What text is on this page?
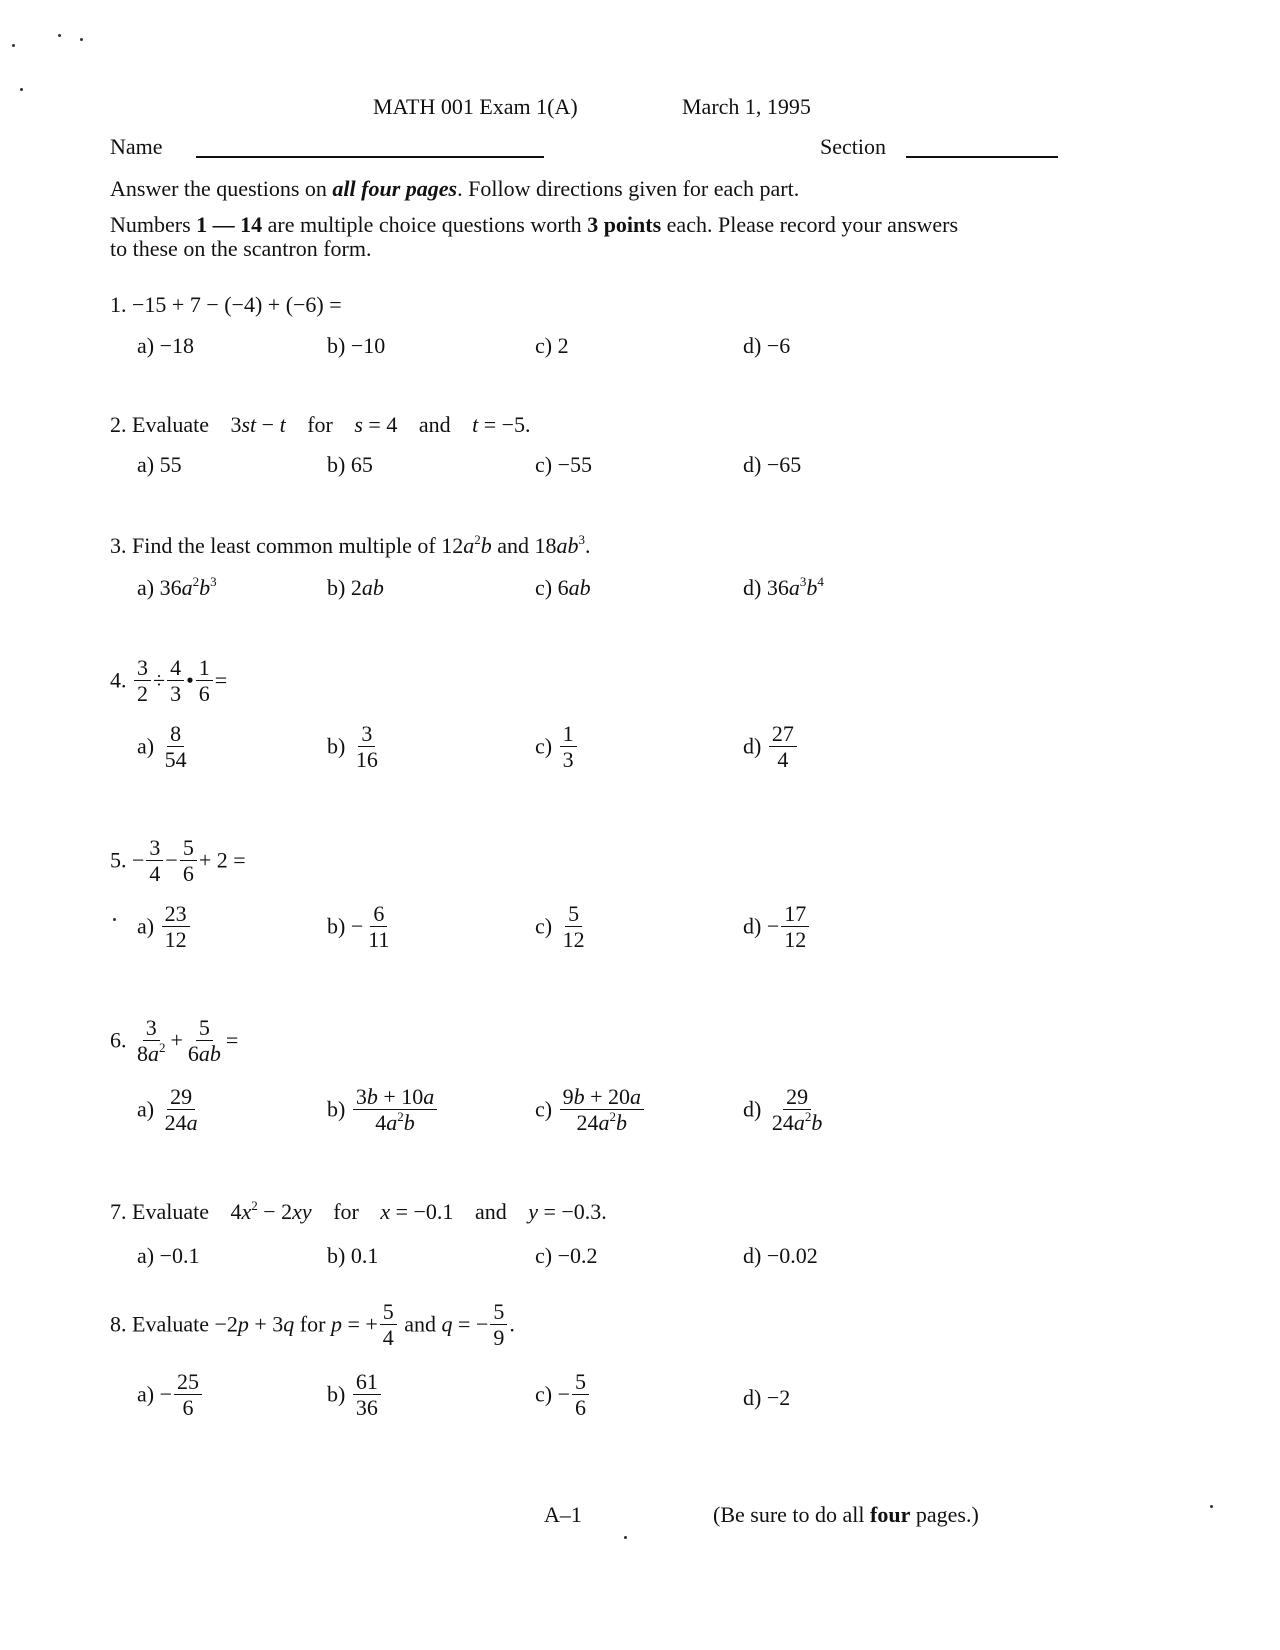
MATH 001 Exam 1(A)	March 1, 1995
Name	Section
Answer the questions on all four pages. Follow directions given for each part.
Numbers 1 — 14 are multiple choice questions worth 3 points each. Please record your answers
to these on the scantron form.
1. −15 + 7 − (−4) + (−6) =
a) −18	b) −10	c) 2	d) −6
2. Evaluate 3st − t for s = 4 and t = −5.
a) 55	b) 65	c) −55	d) −65
3. Find the least common multiple of $12a^2b$ and $18ab^3$.
a) $36a^2b^3$	b) 2ab	c) 6ab	d) $36a^3b^4$
4. $\frac{3}{2} \div \frac{4}{3}$ • $\frac{1}{6}$ =
$a) \frac{8}{54}$	$b) \frac{3}{16}$	$c) \frac{1}{3}$	$d) \frac{27}{4}$
5. − $\frac{3}{4} - \frac{5}{6} + 2$ =
$a) \frac{23}{12}$	$b) - \frac{6}{11}$	$c) \frac{5}{12}$	$d) - \frac{17}{12}$
6. $\frac{3}{8a^2} + \frac{5}{6ab}$ =
$a) \frac{29}{24a}$	$b) \frac{3b + 10a}{4a^2b}$	$c) \frac{9b + 20a}{24a^2b}$	$d) \frac{29}{24a^2b}$
7. Evaluate $4x^2 - 2xy$ for x = −0.1 and y = −0.3.
a) −0.1	b) 0.1	c) −0.2	d) −0.02
8. Evaluate −2p + 3q for p = + $\frac{5}{4}$ and q = − $\frac{5}{9}$ .
$a) - \frac{25}{6}$	$b) \frac{61}{36}$	$c) - \frac{5}{6}$	d) −2
A–1	(Be sure to do all four pages.)
